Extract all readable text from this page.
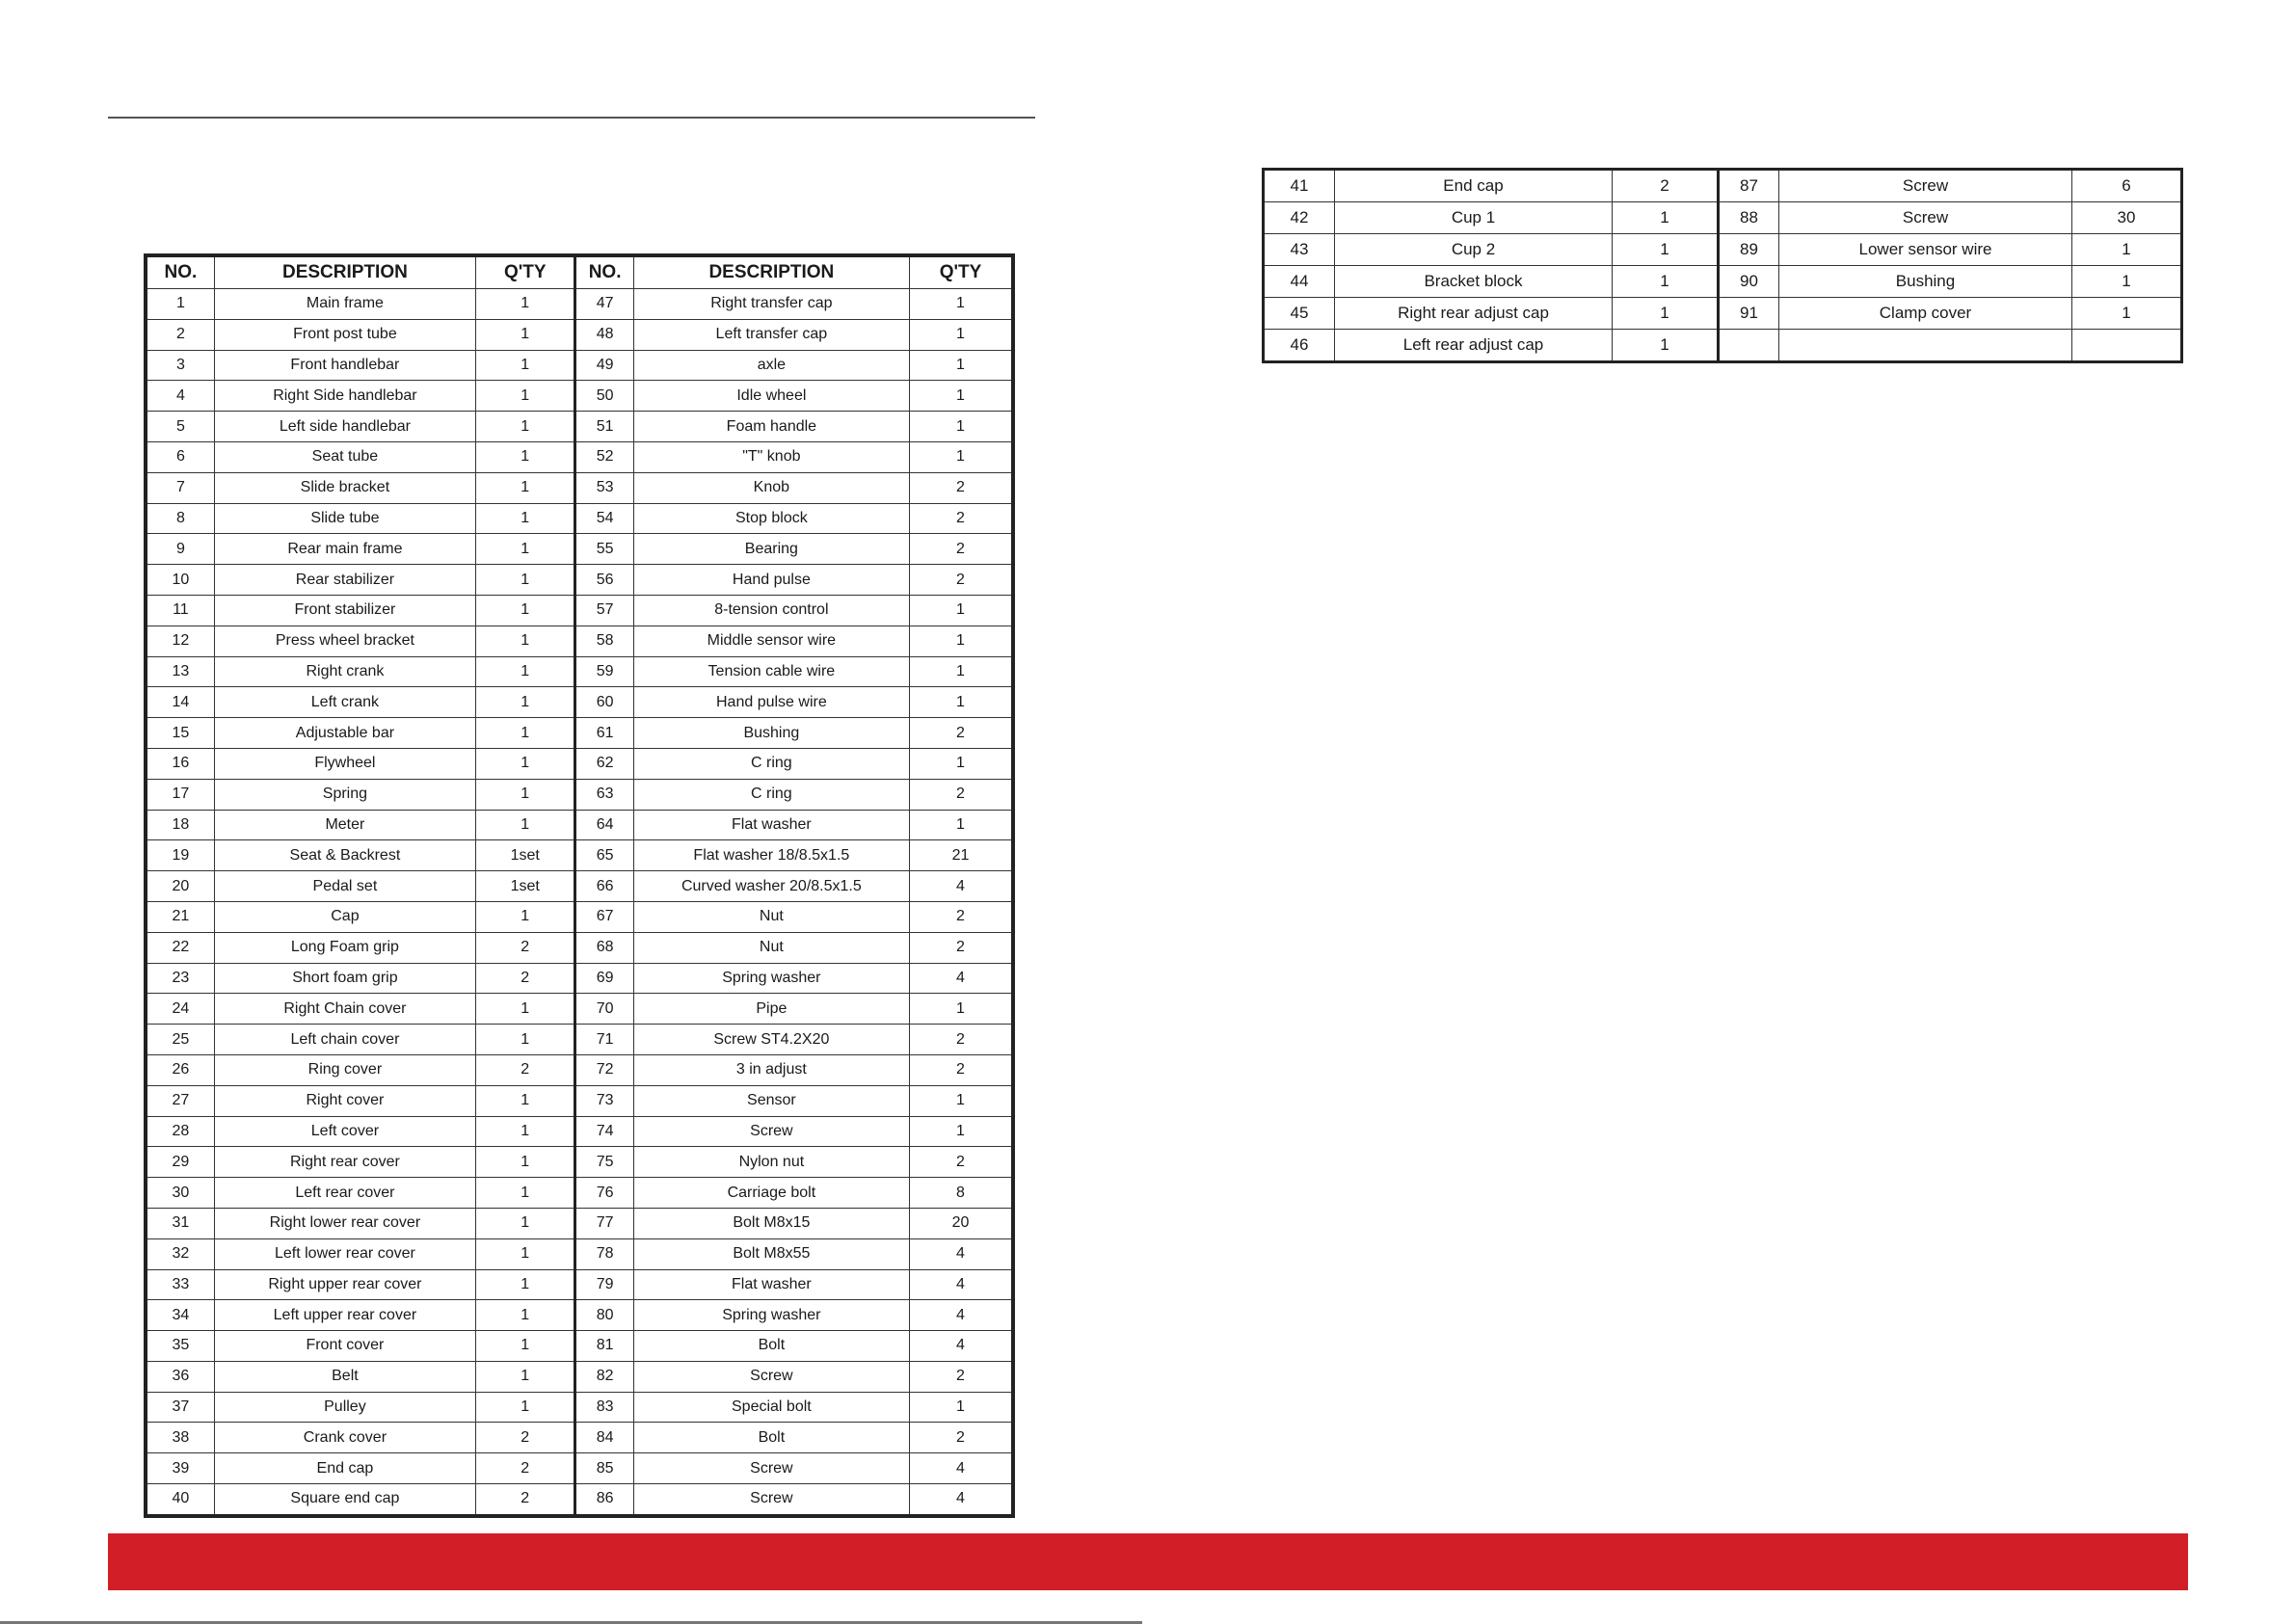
NO.	DESCRIPTION	Q'TY	NO.	DESCRIPTION	Q'TY
1	Main frame	1	47	Right transfer cap	1
2	Front post tube	1	48	Left transfer cap	1
3	Front handlebar	1	49	axle	1
4	Right Side handlebar	1	50	Idle wheel	1
5	Left side handlebar	1	51	Foam handle	1
6	Seat tube	1	52	"T" knob	1
7	Slide bracket	1	53	Knob	2
8	Slide tube	1	54	Stop block	2
9	Rear main frame	1	55	Bearing	2
10	Rear stabilizer	1	56	Hand pulse	2
11	Front stabilizer	1	57	8-tension control	1
12	Press wheel bracket	1	58	Middle sensor wire	1
13	Right crank	1	59	Tension cable wire	1
14	Left crank	1	60	Hand pulse wire	1
15	Adjustable bar	1	61	Bushing	2
16	Flywheel	1	62	C ring	1
17	Spring	1	63	C ring	2
18	Meter	1	64	Flat washer	1
19	Seat & Backrest	1set	65	Flat washer 18/8.5x1.5	21
20	Pedal set	1set	66	Curved washer 20/8.5x1.5	4
21	Cap	1	67	Nut	2
22	Long Foam grip	2	68	Nut	2
23	Short foam grip	2	69	Spring washer	4
24	Right Chain cover	1	70	Pipe	1
25	Left chain cover	1	71	Screw ST4.2X20	2
26	Ring cover	2	72	3 in adjust	2
27	Right cover	1	73	Sensor	1
28	Left cover	1	74	Screw	1
29	Right rear cover	1	75	Nylon nut	2
30	Left rear cover	1	76	Carriage bolt	8
31	Right lower rear cover	1	77	Bolt M8x15	20
32	Left lower rear cover	1	78	Bolt M8x55	4
33	Right upper rear cover	1	79	Flat washer	4
34	Left upper rear cover	1	80	Spring washer	4
35	Front cover	1	81	Bolt	4
36	Belt	1	82	Screw	2
37	Pulley	1	83	Special bolt	1
38	Crank cover	2	84	Bolt	2
39	End cap	2	85	Screw	4
40	Square end cap	2	86	Screw	4
41	End cap	2	87	Screw	6
42	Cup 1	1	88	Screw	30
43	Cup 2	1	89	Lower sensor wire	1
44	Bracket block	1	90	Bushing	1
45	Right rear adjust cap	1	91	Clamp cover	1
46	Left rear adjust cap	1			
